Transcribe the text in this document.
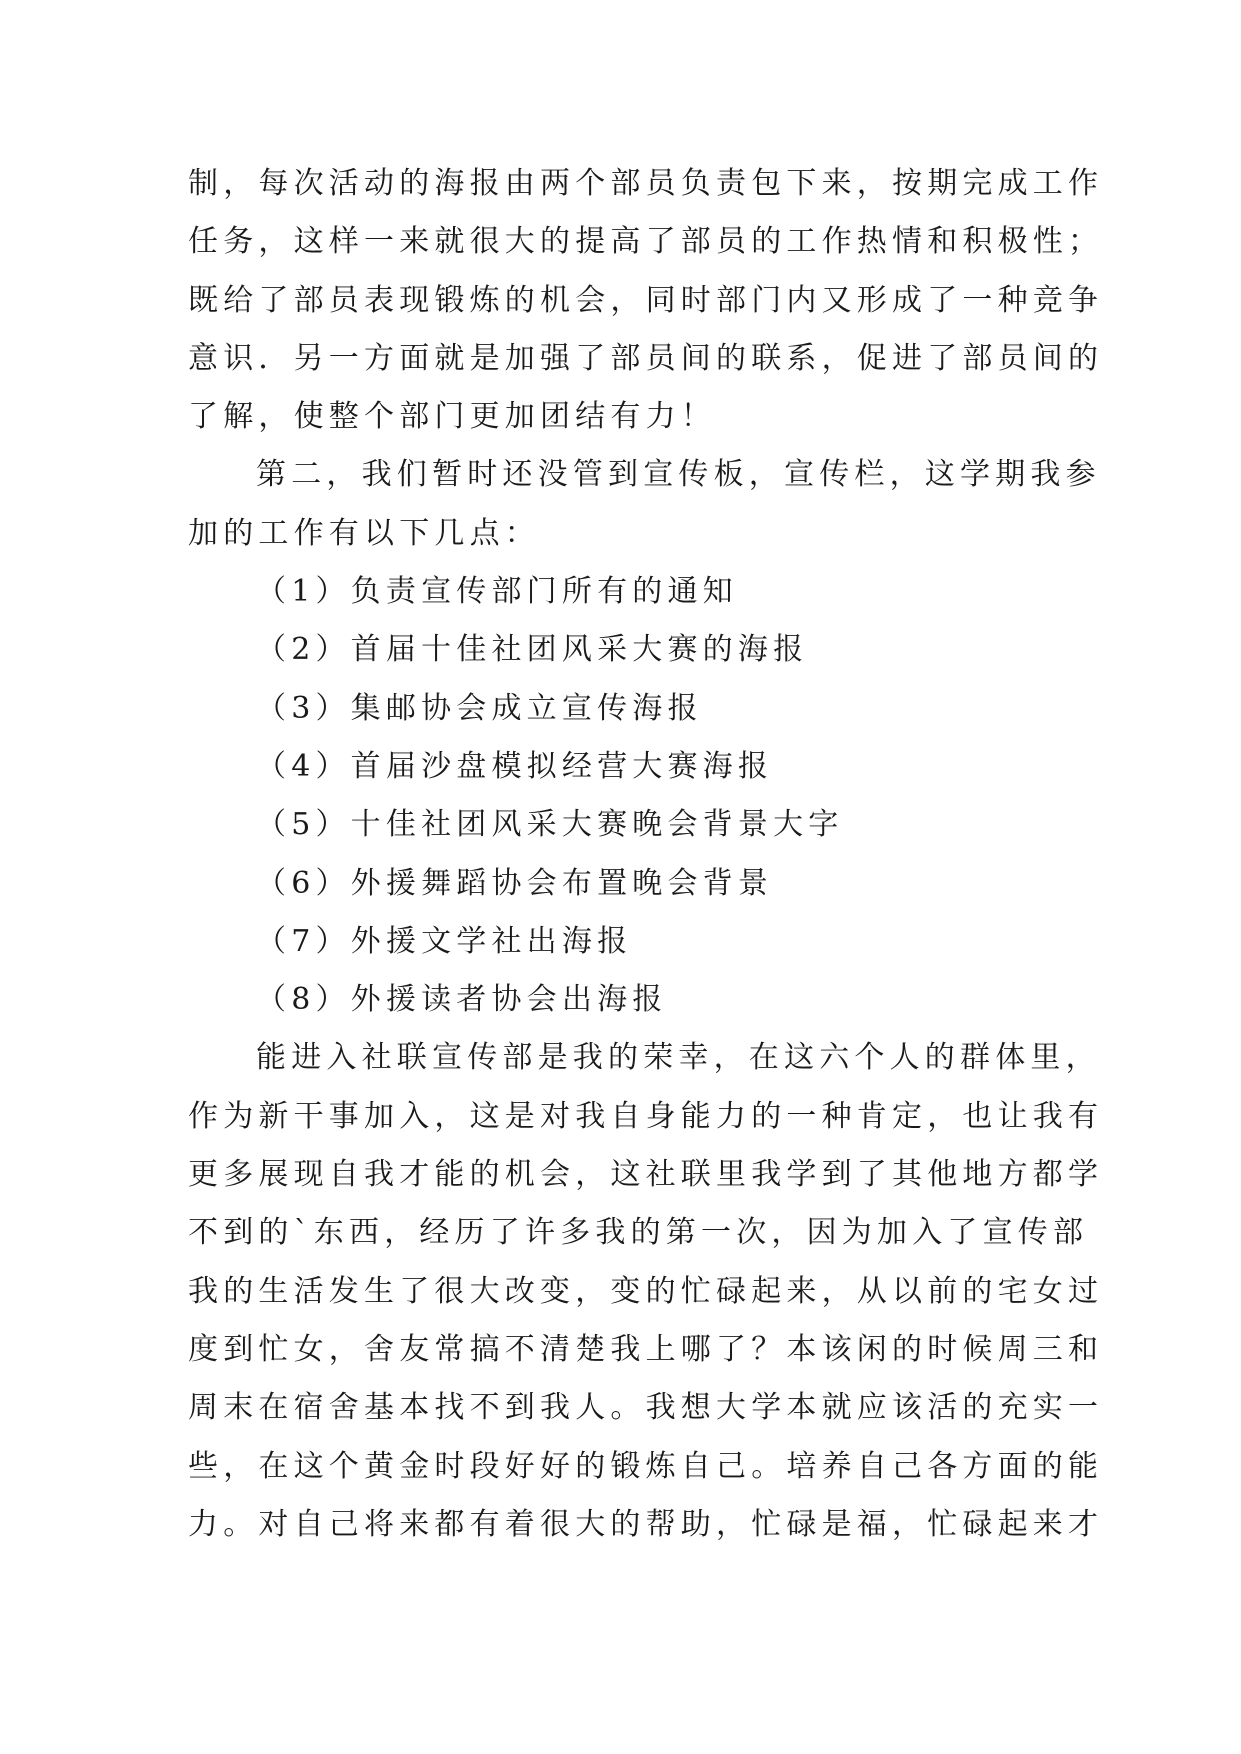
制，每次活动的海报由两个部员负责包下来，按期完成工作
任务，这样一来就很大的提高了部员的工作热情和积极性；
既给了部员表现锻炼的机会，同时部门内又形成了一种竞争
意识．另一方面就是加强了部员间的联系，促进了部员间的
了解，使整个部门更加团结有力！
第二，我们暂时还没管到宣传板，宣传栏，这学期我参
加的工作有以下几点：
（1）负责宣传部门所有的通知
（2）首届十佳社团风采大赛的海报
（3）集邮协会成立宣传海报
（4）首届沙盘模拟经营大赛海报
（5）十佳社团风采大赛晚会背景大字
（6）外援舞蹈协会布置晚会背景
（7）外援文学社出海报
（8）外援读者协会出海报
能进入社联宣传部是我的荣幸，在这六个人的群体里，
作为新干事加入，这是对我自身能力的一种肯定，也让我有
更多展现自我才能的机会，这社联里我学到了其他地方都学
不到的`东西，经历了许多我的第一次，因为加入了宣传部
我的生活发生了很大改变，变的忙碌起来，从以前的宅女过
度到忙女，舍友常搞不清楚我上哪了？本该闲的时候周三和
周末在宿舍基本找不到我人。我想大学本就应该活的充实一
些，在这个黄金时段好好的锻炼自己。培养自己各方面的能
力。对自己将来都有着很大的帮助，忙碌是福，忙碌起来才
